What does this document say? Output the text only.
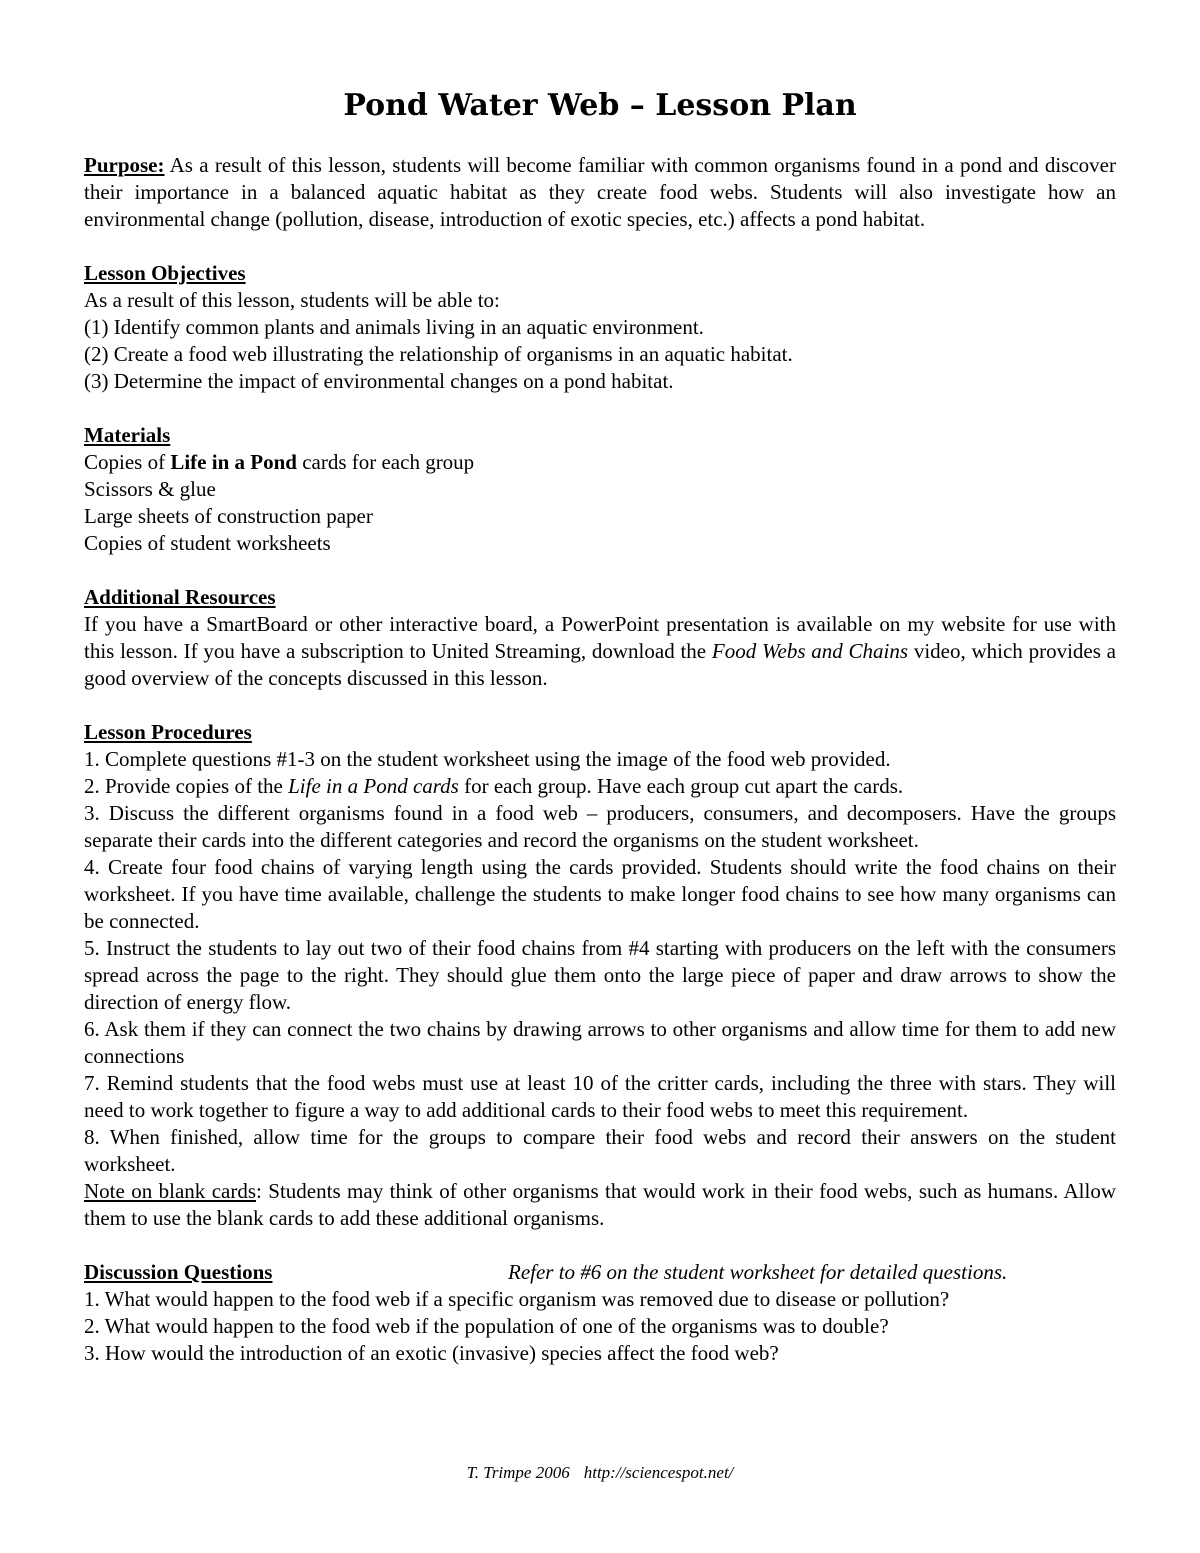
Pond Water Web – Lesson Plan

Purpose: As a result of this lesson, students will become familiar with common organisms found in a pond and discover their importance in a balanced aquatic habitat as they create food webs. Students will also investigate how an environmental change (pollution, disease, introduction of exotic species, etc.) affects a pond habitat.

Lesson Objectives

As a result of this lesson, students will be able to:

(1) Identify common plants and animals living in an aquatic environment.

(2) Create a food web illustrating the relationship of organisms in an aquatic habitat.

(3) Determine the impact of environmental changes on a pond habitat.

Materials

Copies of Life in a Pond cards for each group

Scissors & glue

Large sheets of construction paper

Copies of student worksheets

Additional Resources

If you have a SmartBoard or other interactive board, a PowerPoint presentation is available on my website for use with this lesson. If you have a subscription to United Streaming, download the Food Webs and Chains video, which provides a good overview of the concepts discussed in this lesson.

Lesson Procedures

1. Complete questions #1-3 on the student worksheet using the image of the food web provided.

2. Provide copies of the Life in a Pond cards for each group. Have each group cut apart the cards.

3. Discuss the different organisms found in a food web – producers, consumers, and decomposers. Have the groups separate their cards into the different categories and record the organisms on the student worksheet.

4. Create four food chains of varying length using the cards provided. Students should write the food chains on their worksheet. If you have time available, challenge the students to make longer food chains to see how many organisms can be connected.

5. Instruct the students to lay out two of their food chains from #4 starting with producers on the left with the consumers spread across the page to the right. They should glue them onto the large piece of paper and draw arrows to show the direction of energy flow.

6. Ask them if they can connect the two chains by drawing arrows to other organisms and allow time for them to add new connections

7. Remind students that the food webs must use at least 10 of the critter cards, including the three with stars. They will need to work together to figure a way to add additional cards to their food webs to meet this requirement.

8. When finished, allow time for the groups to compare their food webs and record their answers on the student worksheet.

Note on blank cards: Students may think of other organisms that would work in their food webs, such as humans. Allow them to use the blank cards to add these additional organisms.

Discussion Questions	Refer to #6 on the student worksheet for detailed questions.

1. What would happen to the food web if a specific organism was removed due to disease or pollution?

2. What would happen to the food web if the population of one of the organisms was to double?

3. How would the introduction of an exotic (invasive) species affect the food web?

T. Trimpe 2006 http://sciencespot.net/
